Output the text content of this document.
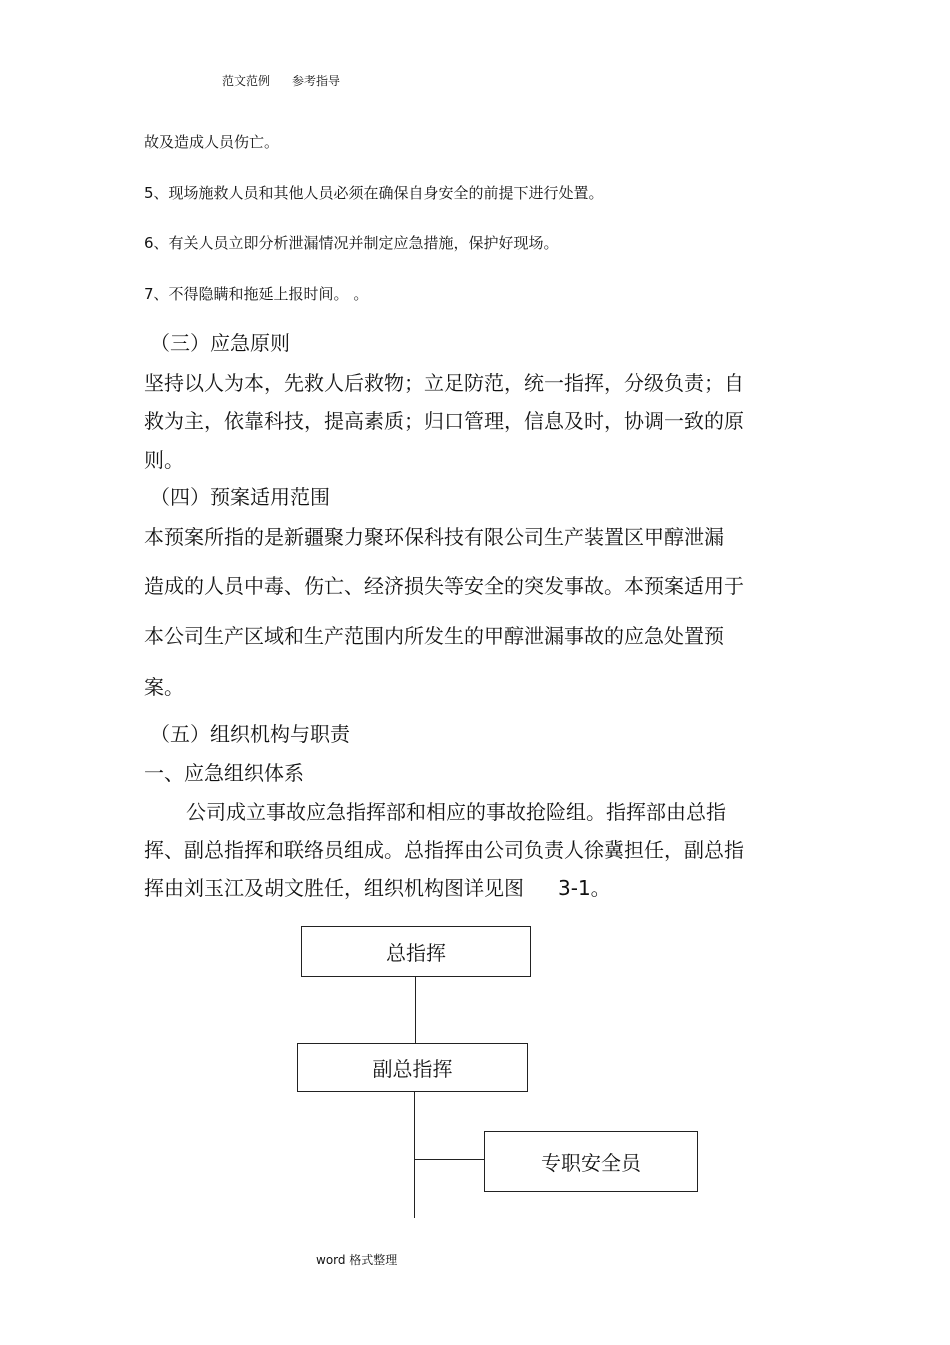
范文范例 参考指导
故及造成人员伤亡。
5、现场施救人员和其他人员必须在确保自身安全的前提下进行处置。
6、有关人员立即分析泄漏情况并制定应急措施，保护好现场。
7、不得隐瞒和拖延上报时间。 。
（三）应急原则
坚持以人为本，先救人后救物；立足防范，统一指挥，分级负责；自
救为主，依靠科技，提高素质；归口管理，信息及时，协调一致的原
则。
（四）预案适用范围
本预案所指的是新疆聚力聚环保科技有限公司生产装置区甲醇泄漏
造成的人员中毒、伤亡、经济损失等安全的突发事故。本预案适用于
本公司生产区域和生产范围内所发生的甲醇泄漏事故的应急处置预
案。
（五）组织机构与职责
一、应急组织体系
公司成立事故应急指挥部和相应的事故抢险组。指挥部由总指
挥、副总指挥和联络员组成。总指挥由公司负责人徐冀担任，副总指
挥由刘玉江及胡文胜任，组织机构图详见图 3-1。
总指挥
副总指挥
专职安全员
word 格式整理
